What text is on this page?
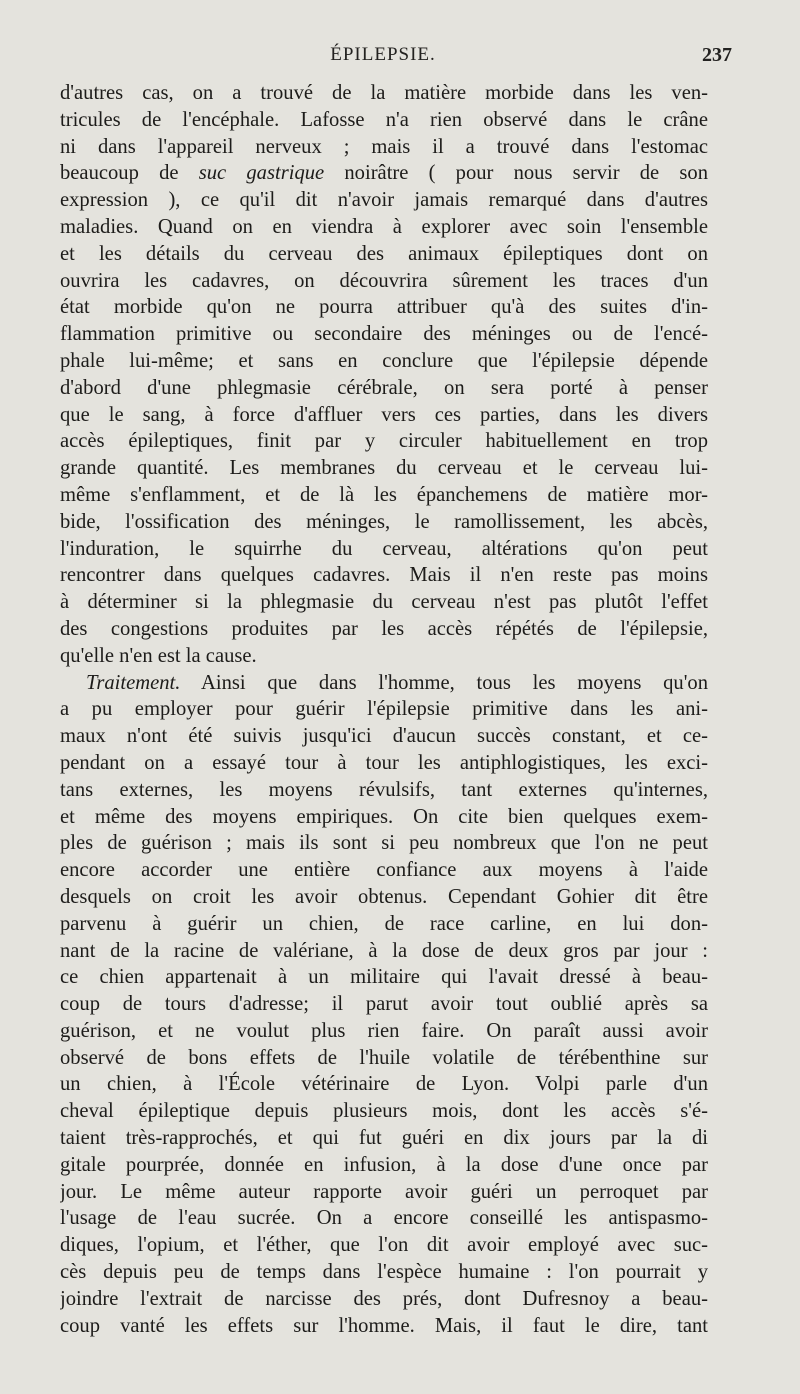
ÉPILEPSIE.	237
d'autres cas, on a trouvé de la matière morbide dans les ven-
tricules de l'encéphale. Lafosse n'a rien observé dans le crâne
ni dans l'appareil nerveux ; mais il a trouvé dans l'estomac
beaucoup de suc gastrique noirâtre ( pour nous servir de son
expression ), ce qu'il dit n'avoir jamais remarqué dans d'autres
maladies. Quand on en viendra à explorer avec soin l'ensemble
et les détails du cerveau des animaux épileptiques dont on
ouvrira les cadavres, on découvrira sûrement les traces d'un
état morbide qu'on ne pourra attribuer qu'à des suites d'in-
flammation primitive ou secondaire des méninges ou de l'encé-
phale lui-même; et sans en conclure que l'épilepsie dépende
d'abord d'une phlegmasie cérébrale, on sera porté à penser
que le sang, à force d'affluer vers ces parties, dans les divers
accès épileptiques, finit par y circuler habituellement en trop
grande quantité. Les membranes du cerveau et le cerveau lui-
même s'enflamment, et de là les épanchemens de matière mor-
bide, l'ossification des méninges, le ramollissement, les abcès,
l'induration, le squirrhe du cerveau, altérations qu'on peut
rencontrer dans quelques cadavres. Mais il n'en reste pas moins
à déterminer si la phlegmasie du cerveau n'est pas plutôt l'effet
des congestions produites par les accès répétés de l'épilepsie,
qu'elle n'en est la cause.
Traitement. Ainsi que dans l'homme, tous les moyens qu'on
a pu employer pour guérir l'épilepsie primitive dans les ani-
maux n'ont été suivis jusqu'ici d'aucun succès constant, et ce-
pendant on a essayé tour à tour les antiphlogistiques, les exci-
tans externes, les moyens révulsifs, tant externes qu'internes,
et même des moyens empiriques. On cite bien quelques exem-
ples de guérison ; mais ils sont si peu nombreux que l'on ne peut
encore accorder une entière confiance aux moyens à l'aide
desquels on croit les avoir obtenus. Cependant Gohier dit être
parvenu à guérir un chien, de race carline, en lui don-
nant de la racine de valériane, à la dose de deux gros par jour :
ce chien appartenait à un militaire qui l'avait dressé à beau-
coup de tours d'adresse; il parut avoir tout oublié après sa
guérison, et ne voulut plus rien faire. On paraît aussi avoir
observé de bons effets de l'huile volatile de térébenthine sur
un chien, à l'École vétérinaire de Lyon. Volpi parle d'un
cheval épileptique depuis plusieurs mois, dont les accès s'é-
taient très-rapprochés, et qui fut guéri en dix jours par la di
gitale pourprée, donnée en infusion, à la dose d'une once par
jour. Le même auteur rapporte avoir guéri un perroquet par
l'usage de l'eau sucrée. On a encore conseillé les antispasmo-
diques, l'opium, et l'éther, que l'on dit avoir employé avec suc-
cès depuis peu de temps dans l'espèce humaine : l'on pourrait y
joindre l'extrait de narcisse des prés, dont Dufresnoy a beau-
coup vanté les effets sur l'homme. Mais, il faut le dire, tant
